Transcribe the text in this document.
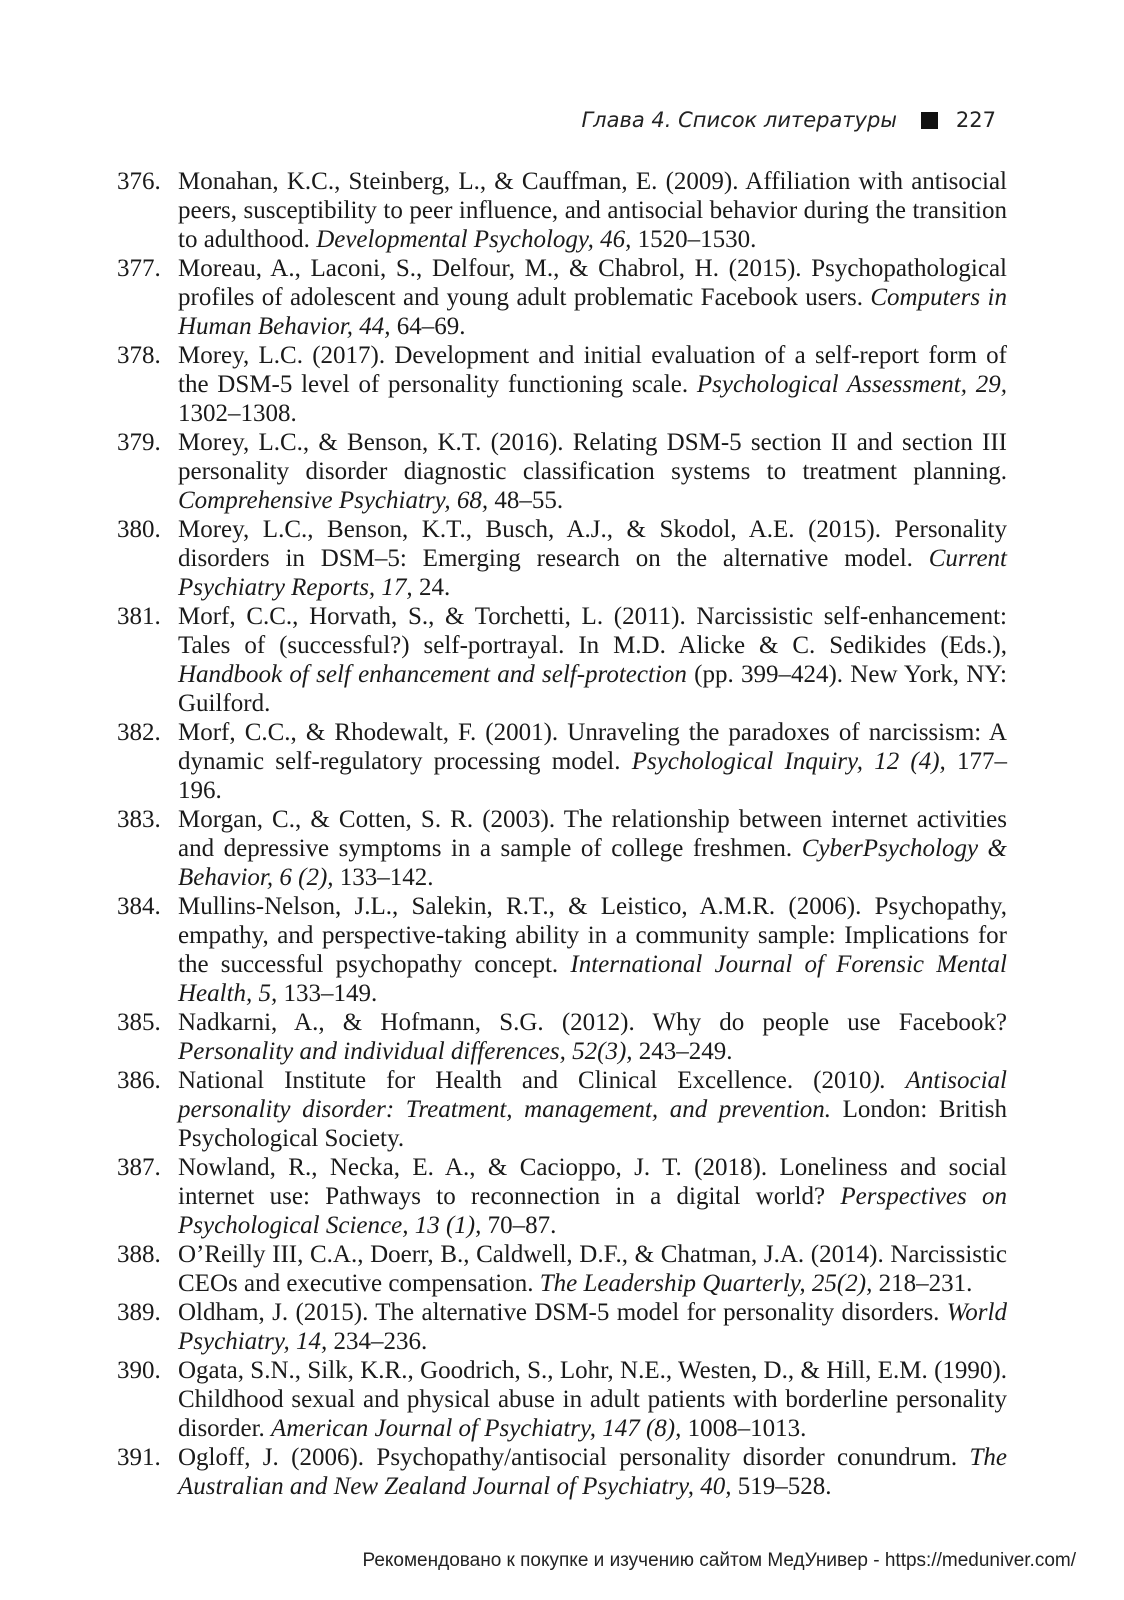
Глава 4. Список литературы	227
376. Monahan, K.C., Steinberg, L., & Cauffman, E. (2009). Affiliation with antisocial peers, susceptibility to peer influence, and antisocial behavior during the transition to adulthood. Developmental Psychology, 46, 1520–1530.
377. Moreau, A., Laconi, S., Delfour, M., & Chabrol, H. (2015). Psychopathological profiles of adolescent and young adult problematic Facebook users. Computers in Human Behavior, 44, 64–69.
378. Morey, L.C. (2017). Development and initial evaluation of a self-report form of the DSM-5 level of personality functioning scale. Psychological Assessment, 29, 1302–1308.
379. Morey, L.C., & Benson, K.T. (2016). Relating DSM-5 section II and section III personality disorder diagnostic classification systems to treatment planning. Comprehensive Psychiatry, 68, 48–55.
380. Morey, L.C., Benson, K.T., Busch, A.J., & Skodol, A.E. (2015). Personality disorders in DSM–5: Emerging research on the alternative model. Current Psychiatry Reports, 17, 24.
381. Morf, C.C., Horvath, S., & Torchetti, L. (2011). Narcissistic self-enhancement: Tales of (successful?) self-portrayal. In M.D. Alicke & C. Sedikides (Eds.), Handbook of self enhancement and self-protection (pp. 399–424). New York, NY: Guilford.
382. Morf, C.C., & Rhodewalt, F. (2001). Unraveling the paradoxes of narcissism: A dynamic self-regulatory processing model. Psychological Inquiry, 12 (4), 177–196.
383. Morgan, C., & Cotten, S. R. (2003). The relationship between internet activities and depressive symptoms in a sample of college freshmen. CyberPsychology & Behavior, 6 (2), 133–142.
384. Mullins-Nelson, J.L., Salekin, R.T., & Leistico, A.M.R. (2006). Psychopathy, empathy, and perspective-taking ability in a community sample: Implications for the successful psychopathy concept. International Journal of Forensic Mental Health, 5, 133–149.
385. Nadkarni, A., & Hofmann, S.G. (2012). Why do people use Facebook? Personality and individual differences, 52(3), 243–249.
386. National Institute for Health and Clinical Excellence. (2010). Antisocial personality disorder: Treatment, management, and prevention. London: British Psychological Society.
387. Nowland, R., Necka, E. A., & Cacioppo, J. T. (2018). Loneliness and social internet use: Pathways to reconnection in a digital world? Perspectives on Psychological Science, 13 (1), 70–87.
388. O’Reilly III, C.A., Doerr, B., Caldwell, D.F., & Chatman, J.A. (2014). Narcissistic CEOs and executive compensation. The Leadership Quarterly, 25(2), 218–231.
389. Oldham, J. (2015). The alternative DSM-5 model for personality disorders. World Psychiatry, 14, 234–236.
390. Ogata, S.N., Silk, K.R., Goodrich, S., Lohr, N.E., Westen, D., & Hill, E.M. (1990). Childhood sexual and physical abuse in adult patients with borderline personality disorder. American Journal of Psychiatry, 147 (8), 1008–1013.
391. Ogloff, J. (2006). Psychopathy/antisocial personality disorder conundrum. The Australian and New Zealand Journal of Psychiatry, 40, 519–528.
Рекомендовано к покупке и изучению сайтом МедУнивер - https://meduniver.com/
